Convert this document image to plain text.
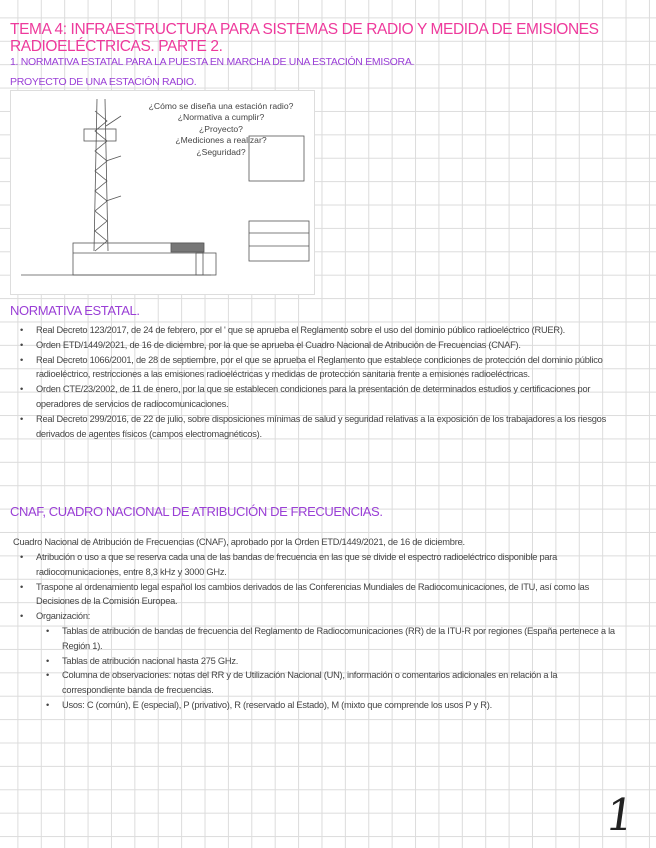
TEMA 4: INFRAESTRUCTURA PARA SISTEMAS DE RADIO Y MEDIDA DE EMISIONES RADIOELÉCTRICAS. PARTE 2.
1. NORMATIVA ESTATAL PARA LA PUESTA EN MARCHA DE UNA ESTACIÓN EMISORA.
PROYECTO DE UNA ESTACIÓN RADIO.
¿Cómo se diseña una estación radio?
¿Normativa a cumplir?
¿Proyecto?
¿Mediciones a realizar?
¿Seguridad?
NORMATIVA ESTATAL.
• Real Decreto 123/2017, de 24 de febrero, por el ' que se aprueba el Reglamento sobre el uso del dominio público radioeléctrico (RUER).
• Orden ETD/1449/2021, de 16 de diciembre, por la que se aprueba el Cuadro Nacional de Atribución de Frecuencias (CNAF).
• Real Decreto 1066/2001, de 28 de septiembre, por el que se aprueba el Reglamento que establece condiciones de protección del dominio público radioeléctrico, restricciones a las emisiones radioeléctricas y medidas de protección sanitaria frente a emisiones radioeléctricas.
• Orden CTE/23/2002, de 11 de enero, por la que se establecen condiciones para la presentación de determinados estudios y certificaciones por operadores de servicios de radiocomunicaciones.
• Real Decreto 299/2016, de 22 de julio, sobre disposiciones mínimas de salud y seguridad relativas a la exposición de los trabajadores a los riesgos derivados de agentes físicos (campos electromagnéticos).
CNAF, CUADRO NACIONAL DE ATRIBUCIÓN DE FRECUENCIAS.
Cuadro Nacional de Atribución de Frecuencias (CNAF), aprobado por la Orden ETD/1449/2021, de 16 de diciembre.
• Atribución o uso a que se reserva cada una de las bandas de frecuencia en las que se divide el espectro radioeléctrico disponible para radiocomunicaciones, entre 8,3 kHz y 3000 GHz.
• Traspone al ordenamiento legal español los cambios derivados de las Conferencias Mundiales de Radiocomunicaciones, de ITU, así como las Decisiones de la Comisión Europea.
• Organización:
• Tablas de atribución de bandas de frecuencia del Reglamento de Radiocomunicaciones (RR) de la ITU-R por regiones (España pertenece a la Región 1).
• Tablas de atribución nacional hasta 275 GHz.
• Columna de observaciones: notas del RR y de Utilización Nacional (UN), información o comentarios adicionales en relación a la correspondiente banda de frecuencias.
• Usos: C (común), E (especial), P (privativo), R (reservado al Estado), M (mixto que comprende los usos P y R).
1
